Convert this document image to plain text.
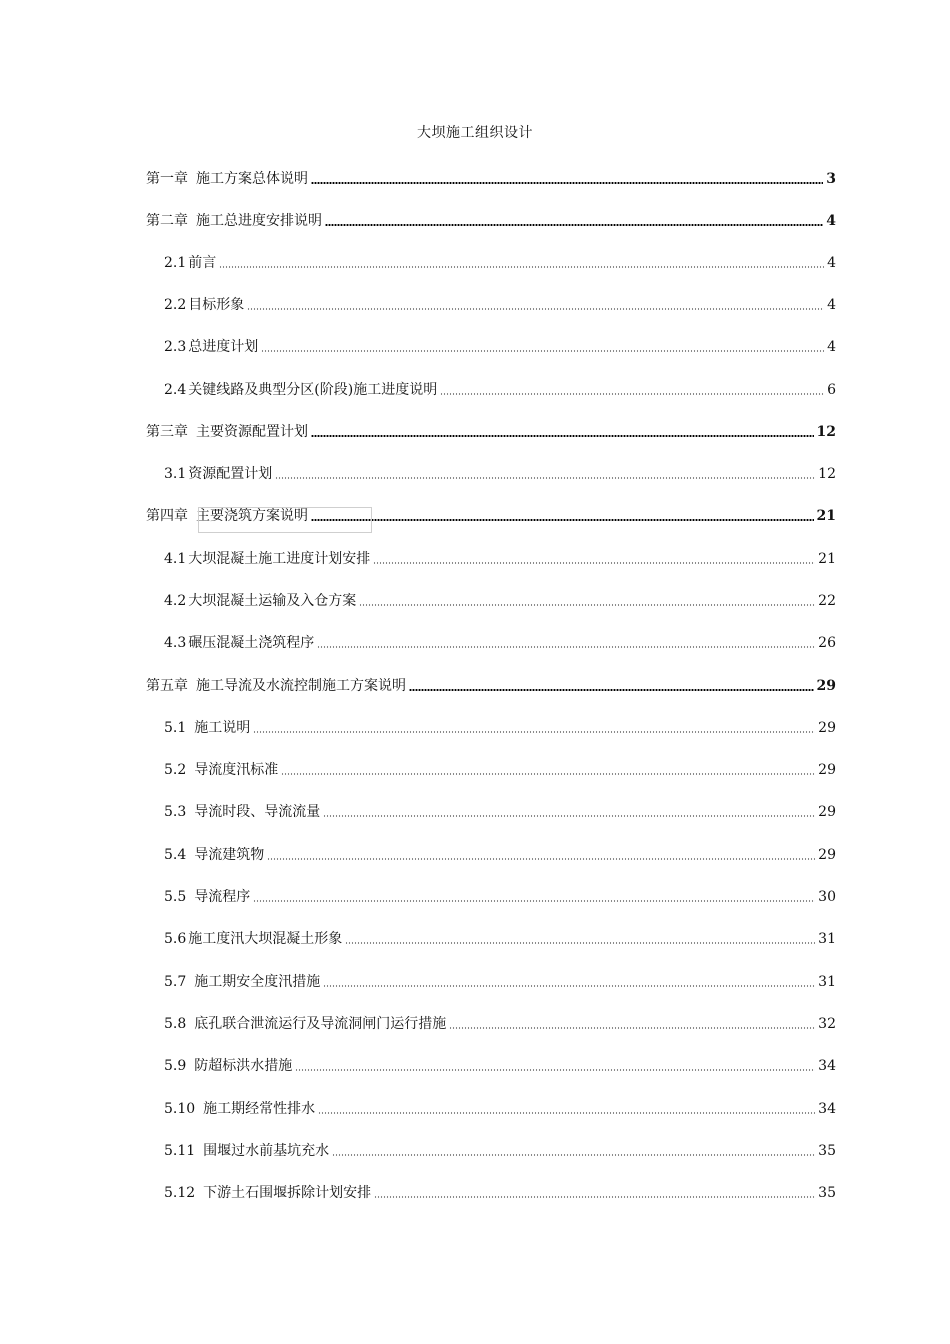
大坝施工组织设计
第一章 施工方案总体说明	3
第二章 施工总进度安排说明	4
2.1 前言	4
2.2 目标形象	4
2.3 总进度计划	4
2.4 关键线路及典型分区(阶段)施工进度说明	6
第三章 主要资源配置计划	12
3.1 资源配置计划	12
第四章 主要浇筑方案说明	21
4.1 大坝混凝土施工进度计划安排	21
4.2 大坝混凝土运输及入仓方案	22
4.3 碾压混凝土浇筑程序	26
第五章 施工导流及水流控制施工方案说明	29
5.1 施工说明	29
5.2 导流度汛标准	29
5.3 导流时段、导流流量	29
5.4 导流建筑物	29
5.5 导流程序	30
5.6 施工度汛大坝混凝土形象	31
5.7 施工期安全度汛措施	31
5.8 底孔联合泄流运行及导流洞闸门运行措施	32
5.9 防超标洪水措施	34
5.10 施工期经常性排水	34
5.11 围堰过水前基坑充水	35
5.12 下游土石围堰拆除计划安排	35
